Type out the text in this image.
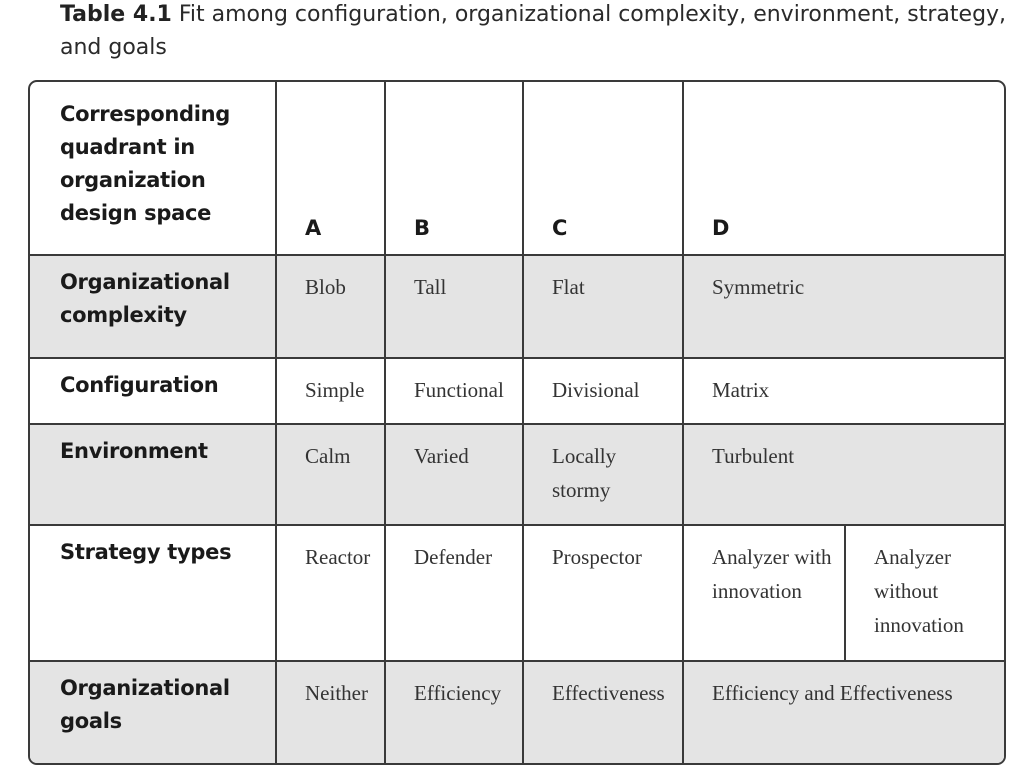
Table 4.1 Fit among configuration, organizational complexity, environment, strategy, and goals
Corresponding quadrant in organization design space	A	B	C	D	
Organizational complexity	Blob	Tall	Flat	Symmetric	
Configuration	Simple	Functional	Divisional	Matrix	
Environment	Calm	Varied	Locally stormy	Turbulent	
Strategy types	Reactor	Defender	Prospector	Analyzer with innovation	Analyzer without innovation
Organizational goals	Neither	Efficiency	Effectiveness	Efficiency and Effectiveness	
